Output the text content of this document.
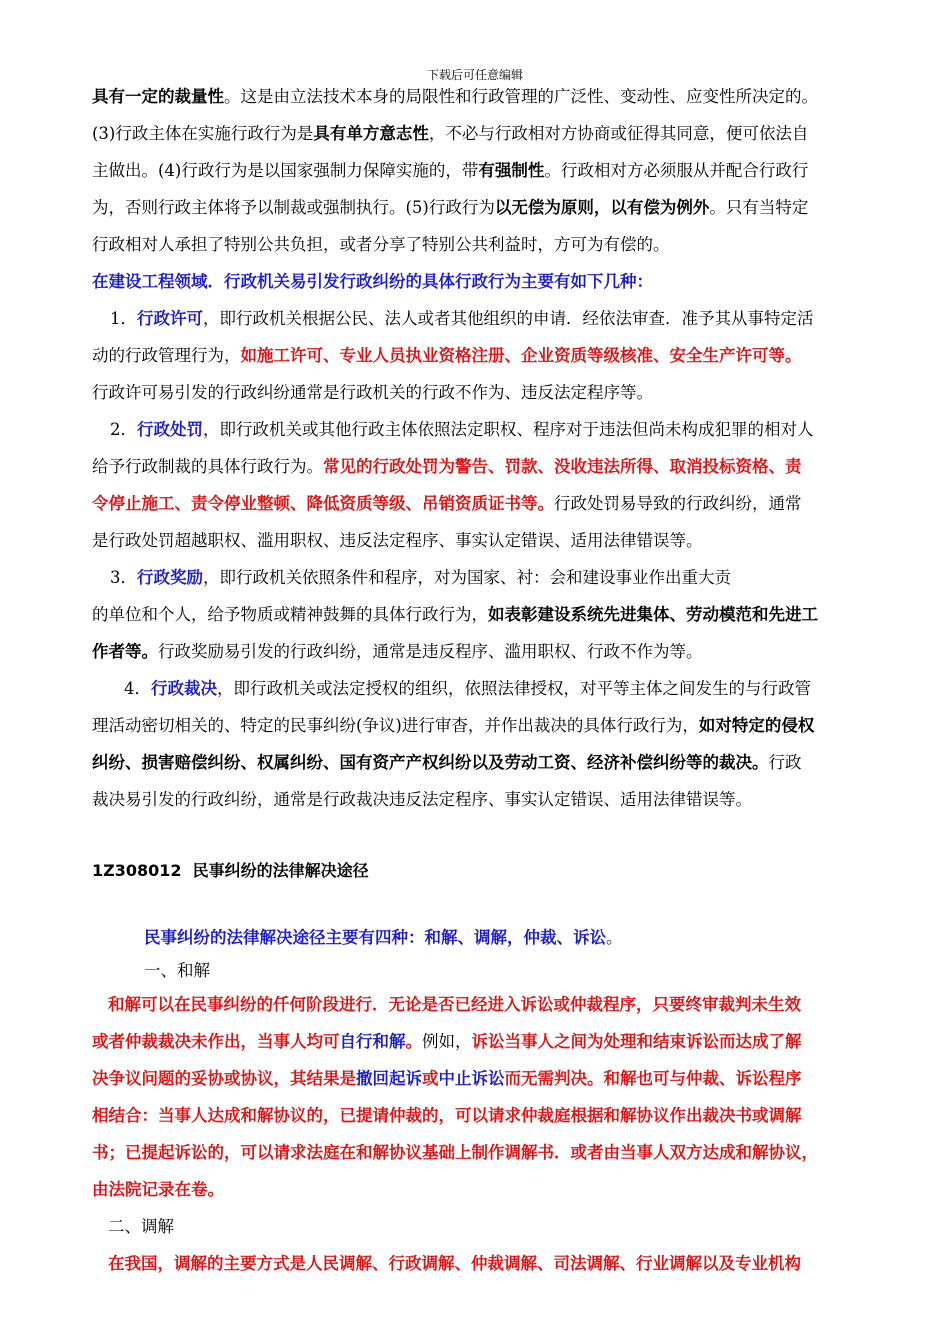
下载后可任意编辑

具有一定的裁量性。这是由立法技术本身的局限性和行政管理的广泛性、变动性、应变性所决定的。

(3)行政主体在实施行政行为是具有单方意志性，不必与行政相对方协商或征得其同意，便可依法自

主做出。(4)行政行为是以国家强制力保障实施的，带有强制性。行政相对方必须服从并配合行政行

为，否则行政主体将予以制裁或强制执行。(5)行政行为以无偿为原则，以有偿为例外。只有当特定

行政相对人承担了特别公共负担，或者分享了特别公共利益时，方可为有偿的。

在建设工程领域．行政机关易引发行政纠纷的具体行政行为主要有如下几种：

1．行政许可，即行政机关根据公民、法人或者其他组织的申请．经依法审查．准予其从事特定活

动的行政管理行为，如施工许可、专业人员执业资格注册、企业资质等级核准、安全生产许可等。

行政许可易引发的行政纠纷通常是行政机关的行政不作为、违反法定程序等。

2．行政处罚，即行政机关或其他行政主体依照法定职权、程序对于违法但尚未构成犯罪的相对人

给予行政制裁的具体行政行为。常见的行政处罚为警告、罚款、没收违法所得、取消投标资格、责

令停止施工、责令停业整顿、降低资质等级、吊销资质证书等。行政处罚易导致的行政纠纷，通常

是行政处罚超越职权、滥用职权、违反法定程序、事实认定错误、适用法律错误等。

3．行政奖励，即行政机关依照条件和程序，对为国家、衬：会和建设事业作出重大贡

的单位和个人，给予物质或精神鼓舞的具体行政行为，如表彰建设系统先进集体、劳动模范和先进工

作者等。行政奖励易引发的行政纠纷，通常是违反程序、滥用职权、行政不作为等。

4．行政裁决，即行政机关或法定授权的组织，依照法律授权，对平等主体之间发生的与行政管

理活动密切相关的、特定的民事纠纷(争议)进行审杳，并作出裁决的具体行政行为，如对特定的侵权

纠纷、损害赔偿纠纷、权属纠纷、国有资产产权纠纷以及劳动工资、经济补偿纠纷等的裁决。行政

裁决易引发的行政纠纷，通常是行政裁决违反法定程序、事实认定错误、适用法律错误等。

1Z308012 民事纠纷的法律解决途径

民事纠纷的法律解决途径主要有四种：和解、调解，仲裁、诉讼。

一、和解

和解可以在民事纠纷的仟何阶段进行．无论是否已经进入诉讼或仲裁程序，只要终审裁判未生效

或者仲裁裁决未作出，当事人均可自行和解。例如，诉讼当事人之间为处理和结束诉讼而达成了解

决争议问题的妥协或协议，其结果是撤回起诉或中止诉讼而无需判决。和解也可与仲裁、诉讼程序

相结合：当事人达成和解协议的，已提请仲裁的，可以请求仲裁庭根据和解协议作出裁决书或调解

书；已提起诉讼的，可以请求法庭在和解协议基础上制作调解书．或者由当事人双方达成和解协议，

由法院记录在卷。

二、调解

在我国，调解的主要方式是人民调解、行政调解、仲裁调解、司法调解、行业调解以及专业机构
